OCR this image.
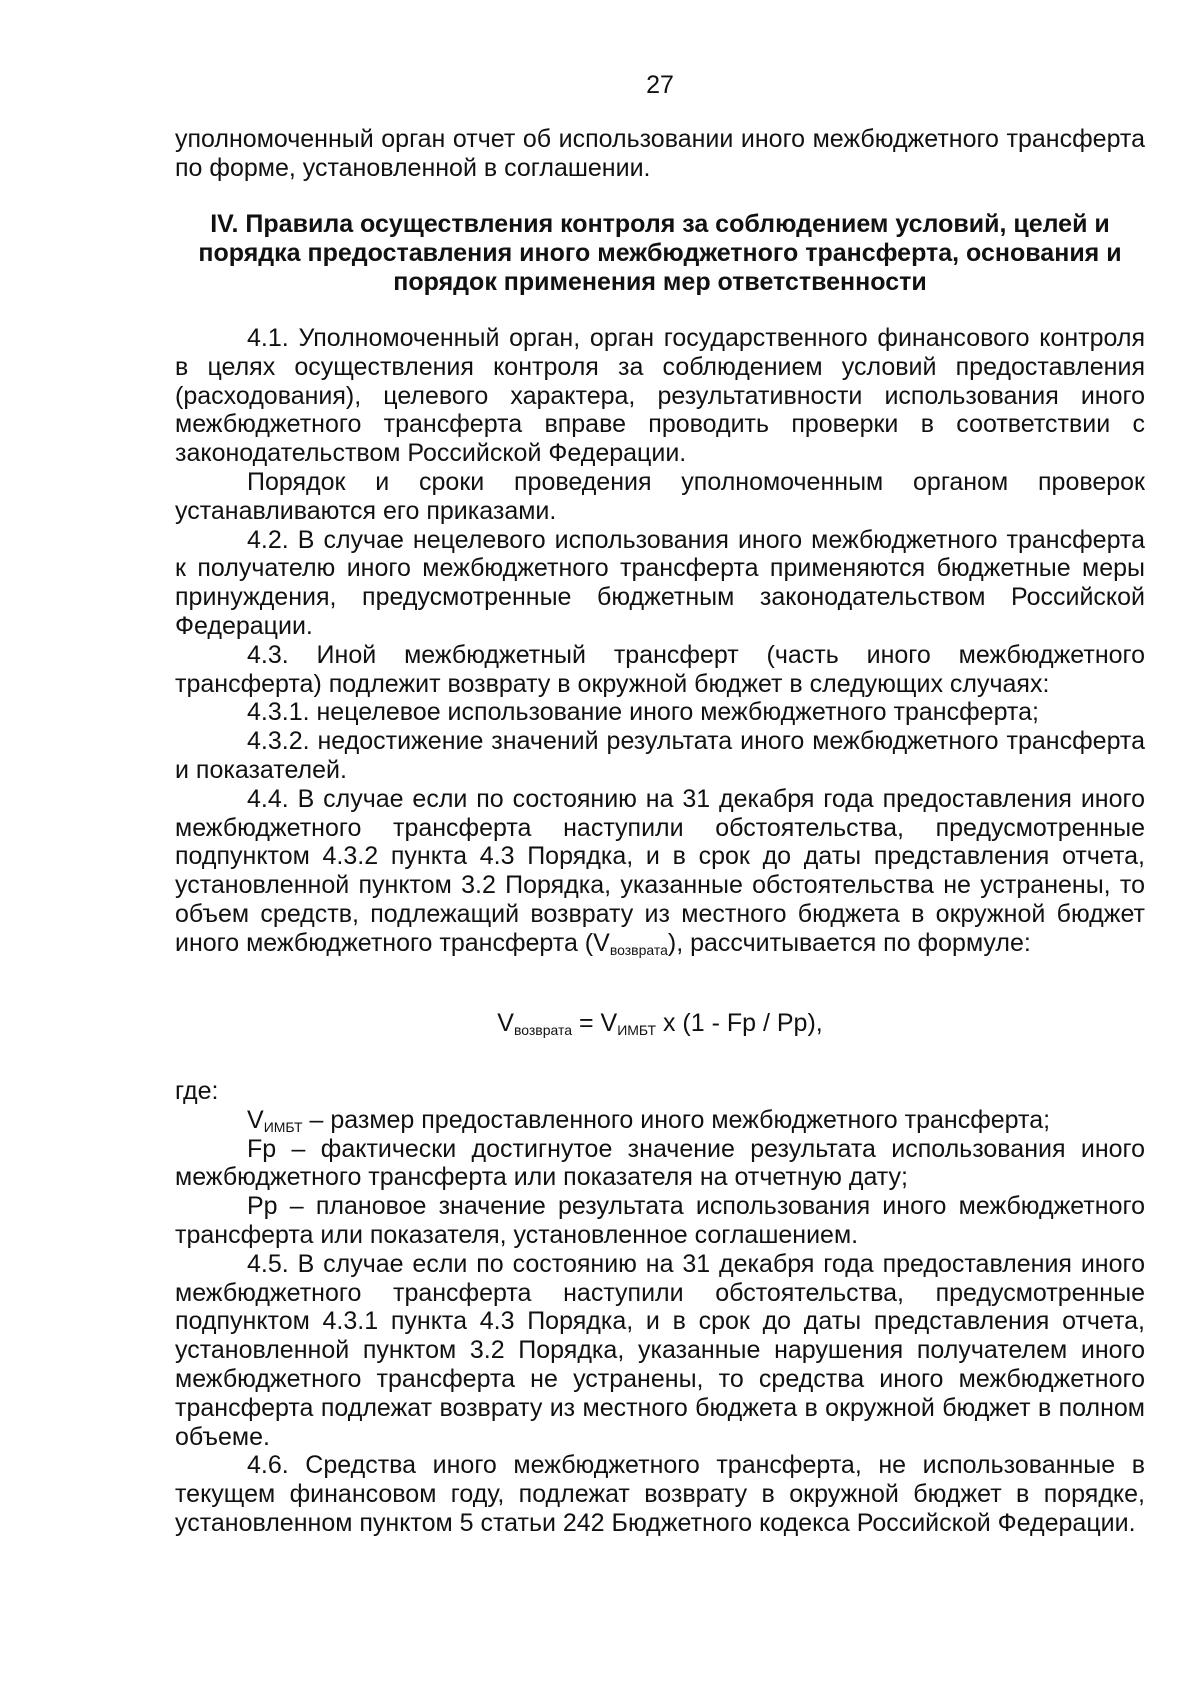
27

уполномоченный орган отчет об использовании иного межбюджетного трансферта по форме, установленной в соглашении.

IV. Правила осуществления контроля за соблюдением условий, целей и порядка предоставления иного межбюджетного трансферта, основания и порядок применения мер ответственности

4.1. Уполномоченный орган, орган государственного финансового контроля в целях осуществления контроля за соблюдением условий предоставления (расходования), целевого характера, результативности использования иного межбюджетного трансферта вправе проводить проверки в соответствии с законодательством Российской Федерации.

Порядок и сроки проведения уполномоченным органом проверок устанавливаются его приказами.

4.2. В случае нецелевого использования иного межбюджетного трансферта к получателю иного межбюджетного трансферта применяются бюджетные меры принуждения, предусмотренные бюджетным законодательством Российской Федерации.

4.3. Иной межбюджетный трансферт (часть иного межбюджетного трансферта) подлежит возврату в окружной бюджет в следующих случаях:

4.3.1. нецелевое использование иного межбюджетного трансферта;

4.3.2. недостижение значений результата иного межбюджетного трансферта и показателей.

4.4. В случае если по состоянию на 31 декабря года предоставления иного межбюджетного трансферта наступили обстоятельства, предусмотренные подпунктом 4.3.2 пункта 4.3 Порядка, и в срок до даты представления отчета, установленной пунктом 3.2 Порядка, указанные обстоятельства не устранены, то объем средств, подлежащий возврату из местного бюджета в окружной бюджет иного межбюджетного трансферта $(V_{возврата})$, рассчитывается по формуле:

$V_{возврата} = V_{ИМБТ}$ x (1 - Fp / Pp),

где:

$V_{ИМБТ}$ – размер предоставленного иного межбюджетного трансферта;

Fp – фактически достигнутое значение результата использования иного межбюджетного трансферта или показателя на отчетную дату;

Pp – плановое значение результата использования иного межбюджетного трансферта или показателя, установленное соглашением.

4.5. В случае если по состоянию на 31 декабря года предоставления иного межбюджетного трансферта наступили обстоятельства, предусмотренные подпунктом 4.3.1 пункта 4.3 Порядка, и в срок до даты представления отчета, установленной пунктом 3.2 Порядка, указанные нарушения получателем иного межбюджетного трансферта не устранены, то средства иного межбюджетного трансферта подлежат возврату из местного бюджета в окружной бюджет в полном объеме.

4.6. Средства иного межбюджетного трансферта, не использованные в текущем финансовом году, подлежат возврату в окружной бюджет в порядке, установленном пунктом 5 статьи 242 Бюджетного кодекса Российской Федерации.
